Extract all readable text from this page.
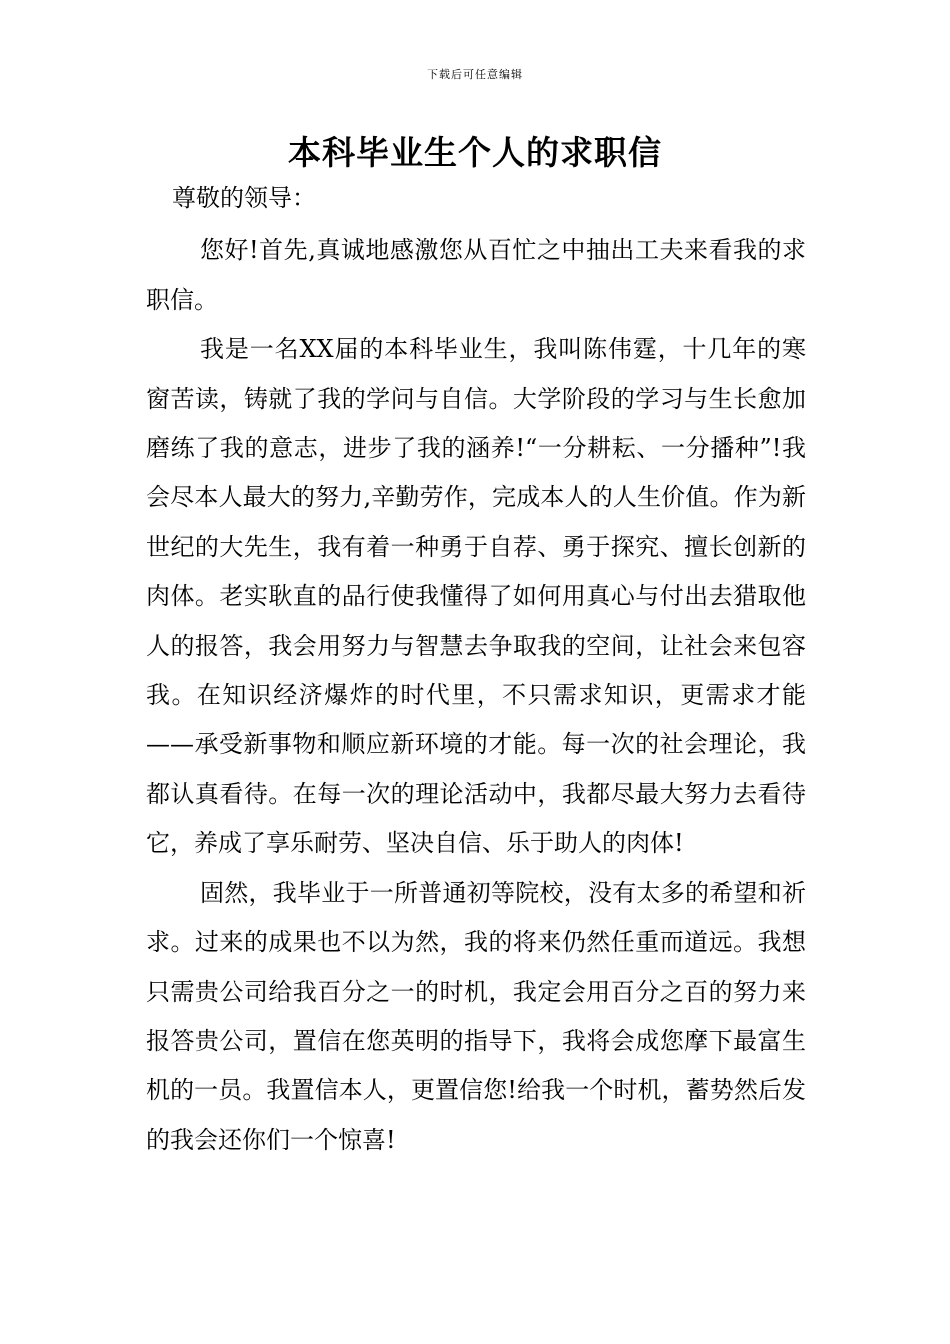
下载后可任意编辑
本科毕业生个人的求职信

尊敬的领导：

您好!首先,真诚地感激您从百忙之中抽出工夫来看我的求职信。

我是一名XX届的本科毕业生，我叫陈伟霆，十几年的寒窗苦读，铸就了我的学问与自信。大学阶段的学习与生长愈加磨练了我的意志，进步了我的涵养!“一分耕耘、一分播种”!我会尽本人最大的努力,辛勤劳作，完成本人的人生价值。作为新世纪的大先生，我有着一种勇于自荐、勇于探究、擅长创新的肉体。老实耿直的品行使我懂得了如何用真心与付出去猎取他人的报答，我会用努力与智慧去争取我的空间，让社会来包容我。在知识经济爆炸的时代里，不只需求知识，更需求才能——承受新事物和顺应新环境的才能。每一次的社会理论，我都认真看待。在每一次的理论活动中，我都尽最大努力去看待它，养成了享乐耐劳、坚决自信、乐于助人的肉体!

固然，我毕业于一所普通初等院校，没有太多的希望和祈求。过来的成果也不以为然，我的将来仍然任重而道远。我想只需贵公司给我百分之一的时机，我定会用百分之百的努力来报答贵公司，置信在您英明的指导下，我将会成您摩下最富生机的一员。我置信本人，更置信您!给我一个时机，蓄势然后发的我会还你们一个惊喜!
